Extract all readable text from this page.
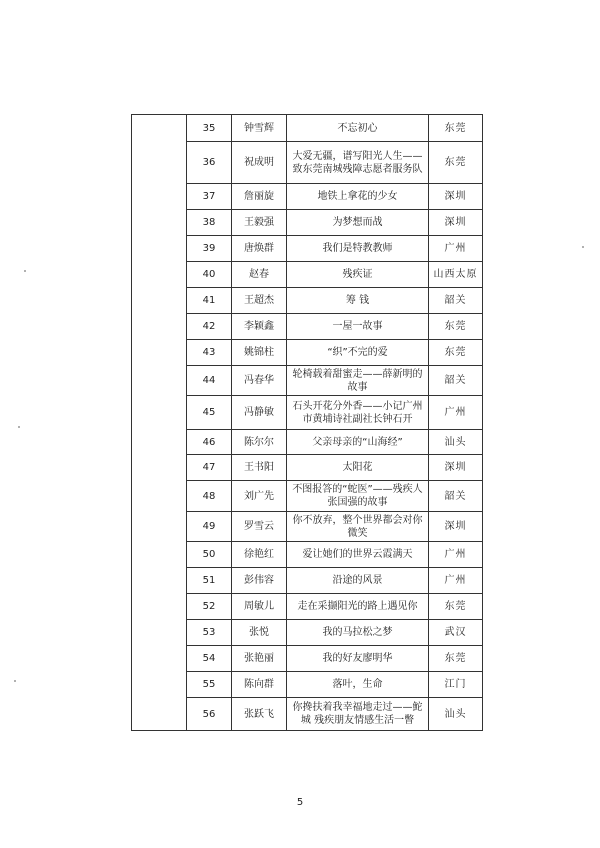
	35	钟雪辉	不忘初心	东莞
	36	祝成明	大爱无疆，谱写阳光人生——致东莞南城残障志愿者服务队	东莞
	37	詹丽旋	地铁上拿花的少女	深圳
	38	王毅强	为梦想而战	深圳
	39	唐焕群	我们是特教教师	广州
	40	赵春	残疾证	山西太原
	41	王超杰	筹 钱	韶关
	42	李颖鑫	一屋一故事	东莞
	43	姚锦柱	“织”不完的爱	东莞
	44	冯春华	轮椅载着甜蜜走——薛新明的故事	韶关
	45	冯静敏	石头开花分外香——小记广州市黄埔诗社副社长钟石开	广州
	46	陈尔尔	父亲母亲的“山海经”	汕头
	47	王书阳	太阳花	深圳
	48	刘广先	不图报答的“蛇医”——残疾人张国强的故事	韶关
	49	罗雪云	你不放弃，整个世界都会对你微笑	深圳
	50	徐艳红	爱让她们的世界云霞满天	广州
	51	彭伟容	沿途的风景	广州
	52	周敏儿	走在采撷阳光的路上遇见你	东莞
	53	张悦	我的马拉松之梦	武汉
	54	张艳丽	我的好友廖明华	东莞
	55	陈向群	落叶，生命	江门
	56	张跃飞	你搀扶着我幸福地走过——鮀城 残疾朋友情感生活一瞥	汕头
5
